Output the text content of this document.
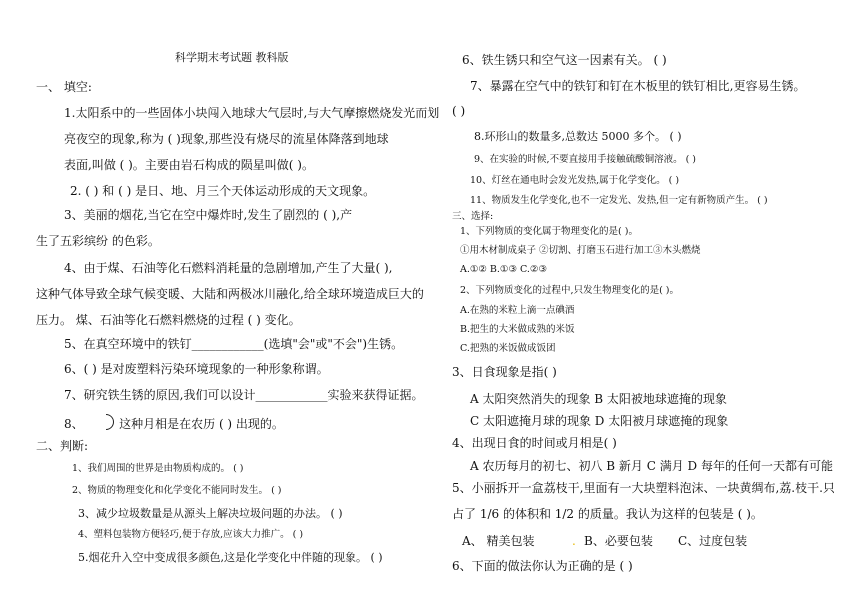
科学期末考试题 教科版
一、 填空:
1.太阳系中的一些固体小块闯入地球大气层时,与大气摩擦燃烧发光而划
亮夜空的现象,称为 ( )现象,那些没有烧尽的流星体降落到地球
表面,叫做 ( )。主要由岩石构成的陨星叫做( )。
2. ( ) 和 ( ) 是日、地、月三个天体运动形成的天文现象。
3、美丽的烟花,当它在空中爆炸时,发生了剧烈的 ( ),产
生了五彩缤纷 的色彩。
4、由于煤、石油等化石燃料消耗量的急剧增加,产生了大量( ),
这种气体导致全球气候变暖、大陆和两极冰川融化,给全球环境造成巨大的
压力。 煤、石油等化石燃料燃烧的过程 ( ) 变化。
5、在真空环境中的铁钉____________(选填"会"或"不会")生锈。
6、( ) 是对废塑料污染环境现象的一种形象称谓。
7、研究铁生锈的原因,我们可以设计____________实验来获得证据。
8、	这种月相是在农历 ( ) 出现的。
二、判断:
1、我们周围的世界是由物质构成的。 ( )
2、物质的物理变化和化学变化不能同时发生。 ( )
3、减少垃圾数量是从源头上解决垃圾问题的办法。 ( )
4、塑料包装物方便轻巧,便于存放,应该大力推广。 ( )
5.烟花升入空中变成很多颜色,这是化学变化中伴随的现象。 ( )
6、铁生锈只和空气这一因素有关。 ( )
7、暴露在空气中的铁钉和钉在木板里的铁钉相比,更容易生锈。
( )
8.环形山的数量多,总数达 5000 多个。 ( )
9、在实验的时候,不要直接用手接触硫酸铜溶液。 ( )
10、灯丝在通电时会发光发热,属于化学变化。 ( )
11、物质发生化学变化,也不一定发光、发热,但一定有新物质产生。 ( )
三、选择:
1、下列物质的变化属于物理变化的是( )。
①用木材制成桌子 ②切割、打磨玉石进行加工③木头燃烧
A.①② B.①③ C.②③
2、下列物质变化的过程中,只发生物理变化的是( )。
A.在熟的米粒上滴一点碘酒
B.把生的大米做成熟的米饭
C.把熟的米饭做成饭团
3、日食现象是指( )
A 太阳突然消失的现象 B 太阳被地球遮掩的现象
C 太阳遮掩月球的现象 D 太阳被月球遮掩的现象
4、出现日食的时间或月相是( )
A 农历每月的初七、初八 B 新月 C 满月 D 每年的任何一天都有可能
5、小丽拆开一盒荔枝干,里面有一大块塑料泡沫、一块黄绸布,荔.枝干.只
占了 1/6 的体积和 1/2 的质量。我认为这样的包装是 ( )。
A、 精美包装	. B、必要包装 C、过度包装
6、下面的做法你认为正确的是 ( )
